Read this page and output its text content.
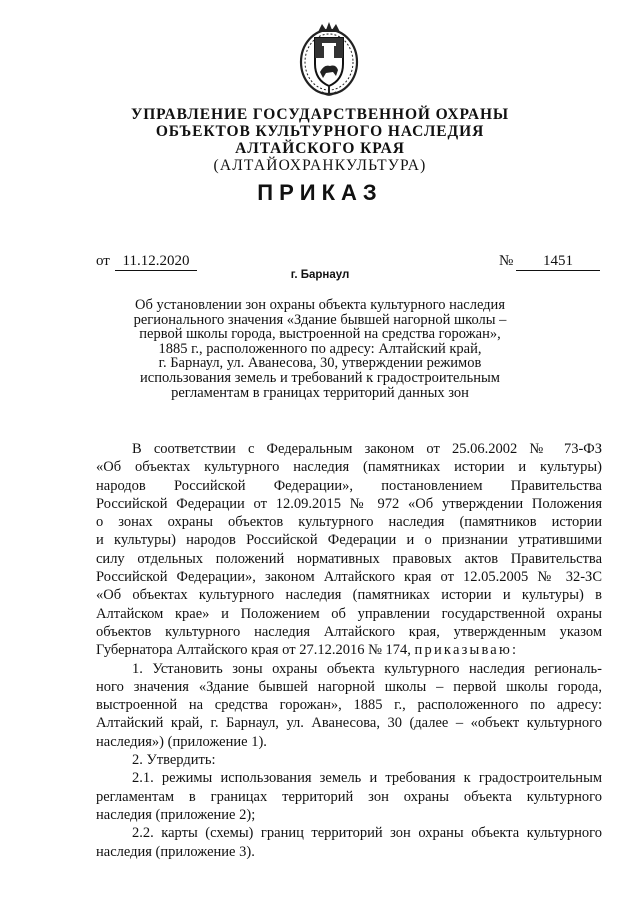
УПРАВЛЕНИЕ ГОСУДАРСТВЕННОЙ ОХРАНЫ
ОБЪЕКТОВ КУЛЬТУРНОГО НАСЛЕДИЯ
АЛТАЙСКОГО КРАЯ
(АЛТАЙОХРАНКУЛЬТУРА)
ПРИКАЗ
от 11.12.2020	№	1451
г. Барнаул
Об установлении зон охраны объекта культурного наследия
регионального значения «Здание бывшей нагорной школы –
первой школы города, выстроенной на средства горожан»,
1885 г., расположенного по адресу: Алтайский край,
г. Барнаул, ул. Аванесова, 30, утверждении режимов
использования земель и требований к градостроительным
регламентам в границах территорий данных зон
В соответствии с Федеральным законом от 25.06.2002 № 73-ФЗ
«Об объектах культурного наследия (памятниках истории и культуры)
народов Российской Федерации», постановлением Правительства
Российской Федерации от 12.09.2015 № 972 «Об утверждении Положения
о зонах охраны объектов культурного наследия (памятников истории
и культуры) народов Российской Федерации и о признании утратившими
силу отдельных положений нормативных правовых актов Правительства
Российской Федерации», законом Алтайского края от 12.05.2005 № 32-ЗС
«Об объектах культурного наследия (памятниках истории и культуры) в
Алтайском крае» и Положением об управлении государственной охраны
объектов культурного наследия Алтайского края, утвержденным указом
Губернатора Алтайского края от 27.12.2016 № 174, приказываю:
1. Установить зоны охраны объекта культурного наследия региональ-
ного значения «Здание бывшей нагорной школы – первой школы города,
выстроенной на средства горожан», 1885 г., расположенного по адресу:
Алтайский край, г. Барнаул, ул. Аванесова, 30 (далее – «объект культурного
наследия») (приложение 1).
2. Утвердить:
2.1. режимы использования земель и требования к градостроительным
регламентам в границах территорий зон охраны объекта культурного
наследия (приложение 2);
2.2. карты (схемы) границ территорий зон охраны объекта культурного
наследия (приложение 3).
